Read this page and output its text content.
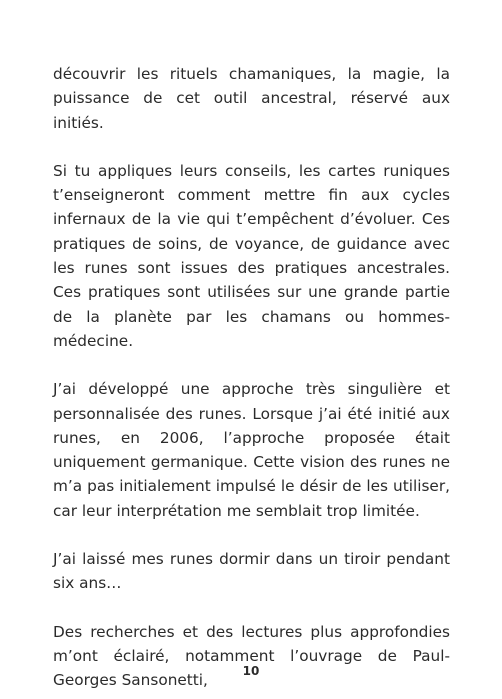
découvrir les rituels chamaniques, la magie, la puissance de cet outil ancestral, réservé aux initiés.

Si tu appliques leurs conseils, les cartes runiques t’enseigneront comment mettre fin aux cycles infernaux de la vie qui t’empêchent d’évoluer. Ces pratiques de soins, de voyance, de guidance avec les runes sont issues des pratiques ancestrales. Ces pratiques sont utilisées sur une grande partie de la planète par les chamans ou hommes-médecine.

J’ai développé une approche très singulière et personnalisée des runes. Lorsque j’ai été initié aux runes, en 2006, l’approche proposée était uniquement germanique. Cette vision des runes ne m’a pas initialement impulsé le désir de les utiliser, car leur interprétation me semblait trop limitée.

J’ai laissé mes runes dormir dans un tiroir pendant six ans…

Des recherches et des lectures plus approfondies m’ont éclairé, notamment l’ouvrage de Paul-Georges Sansonetti,

10
